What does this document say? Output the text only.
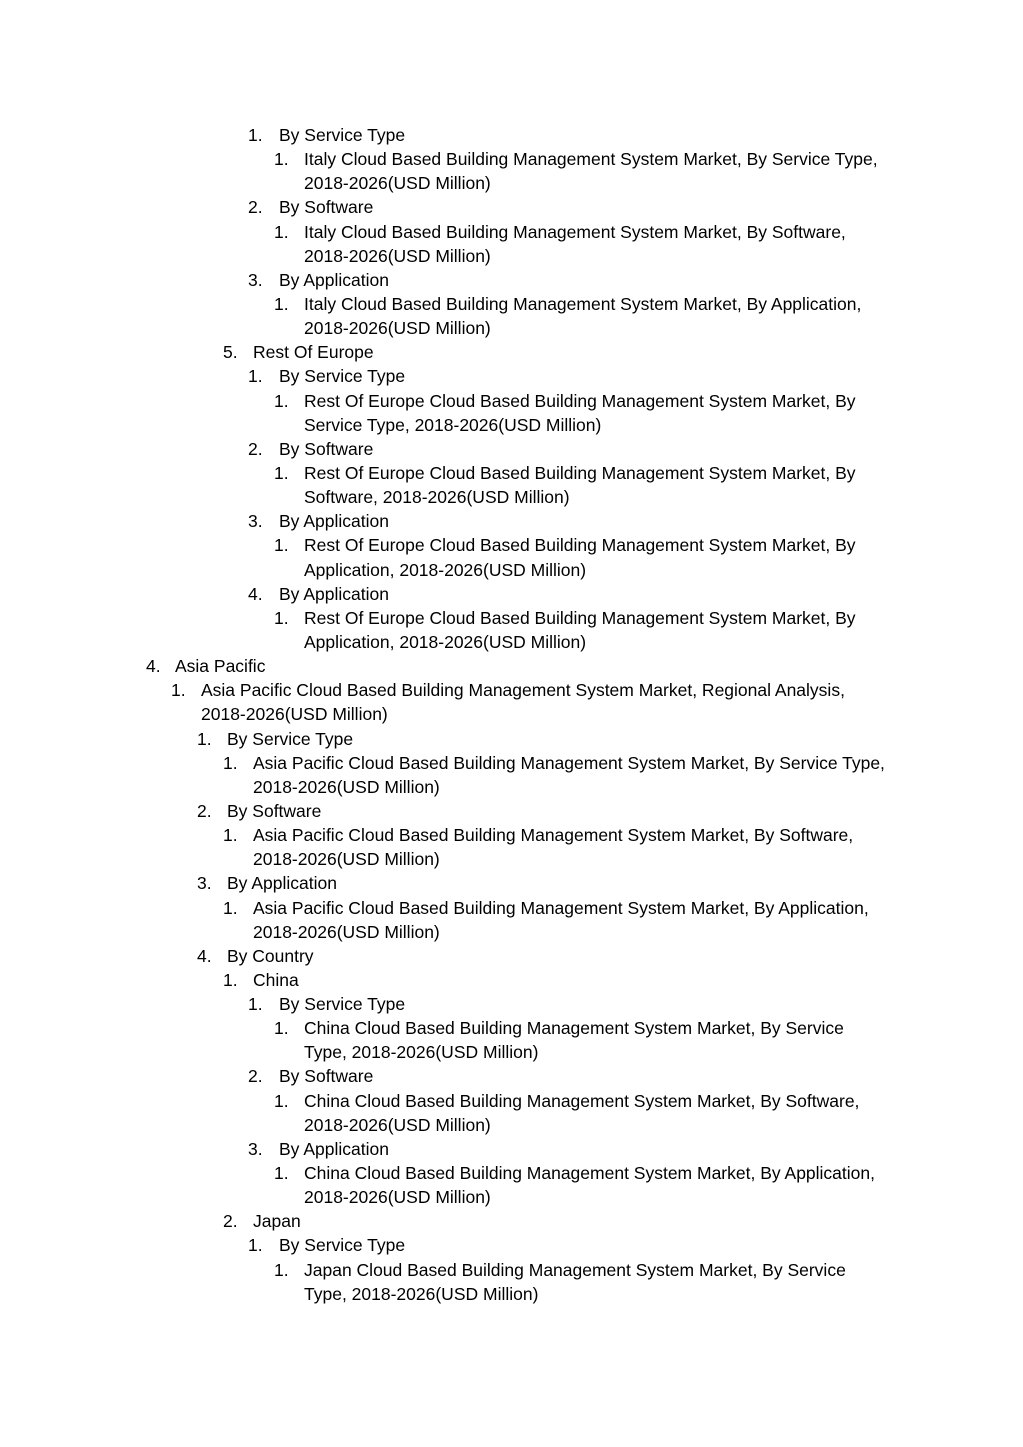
1. By Service Type
1. Italy Cloud Based Building Management System Market, By Service Type,
2018-2026(USD Million)
2. By Software
1. Italy Cloud Based Building Management System Market, By Software,
2018-2026(USD Million)
3. By Application
1. Italy Cloud Based Building Management System Market, By Application,
2018-2026(USD Million)
5. Rest Of Europe
1. By Service Type
1. Rest Of Europe Cloud Based Building Management System Market, By
Service Type, 2018-2026(USD Million)
2. By Software
1. Rest Of Europe Cloud Based Building Management System Market, By
Software, 2018-2026(USD Million)
3. By Application
1. Rest Of Europe Cloud Based Building Management System Market, By
Application, 2018-2026(USD Million)
4. By Application
1. Rest Of Europe Cloud Based Building Management System Market, By
Application, 2018-2026(USD Million)
4. Asia Pacific
1. Asia Pacific Cloud Based Building Management System Market, Regional Analysis,
2018-2026(USD Million)
1. By Service Type
1. Asia Pacific Cloud Based Building Management System Market, By Service Type,
2018-2026(USD Million)
2. By Software
1. Asia Pacific Cloud Based Building Management System Market, By Software,
2018-2026(USD Million)
3. By Application
1. Asia Pacific Cloud Based Building Management System Market, By Application,
2018-2026(USD Million)
4. By Country
1. China
1. By Service Type
1. China Cloud Based Building Management System Market, By Service
Type, 2018-2026(USD Million)
2. By Software
1. China Cloud Based Building Management System Market, By Software,
2018-2026(USD Million)
3. By Application
1. China Cloud Based Building Management System Market, By Application,
2018-2026(USD Million)
2. Japan
1. By Service Type
1. Japan Cloud Based Building Management System Market, By Service
Type, 2018-2026(USD Million)
